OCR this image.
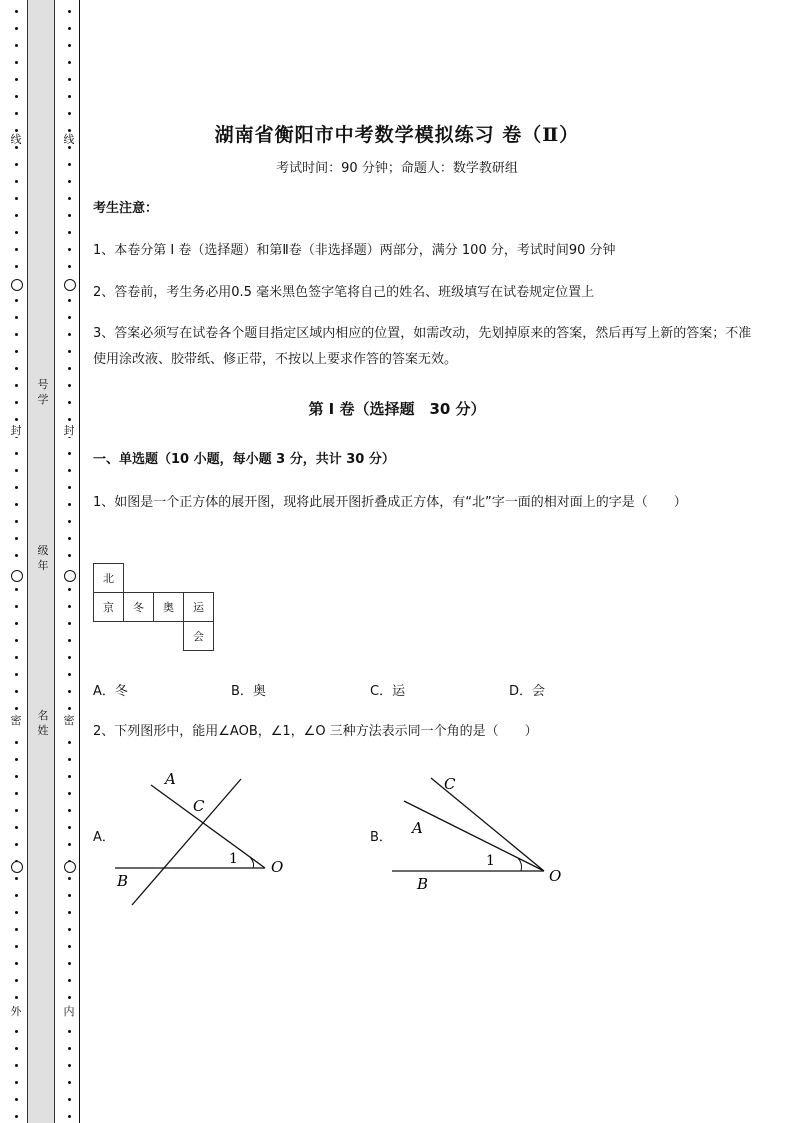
线
封
密
外
线
封
密
内
号学
级年
名姓
湖南省衡阳市中考数学模拟练习 卷（Ⅱ）
考试时间：90 分钟；命题人：数学教研组
考生注意：
1、本卷分第 I 卷（选择题）和第Ⅱ卷（非选择题）两部分，满分 100 分，考试时间90 分钟
2、答卷前，考生务必用0.5 毫米黑色签字笔将自己的姓名、班级填写在试卷规定位置上
3、答案必须写在试卷各个题目指定区域内相应的位置，如需改动，先划掉原来的答案，然后再写上新的答案；不准使用涂改液、胶带纸、修正带，不按以上要求作答的答案无效。
第 I 卷（选择题　30 分）
一、单选题（10 小题，每小题 3 分，共计 30 分）
1、如图是一个正方体的展开图，现将此展开图折叠成正方体，有“北”字一面的相对面上的字是（　　）
北			
京	冬	奥	运
			会
A．冬	B．奥	C．运	D．会
2、下列图形中，能用∠AOB，∠1，∠O 三种方法表示同一个角的是（　　）
A．
A
C
1 O
B
B．
C
A
1
O
B
